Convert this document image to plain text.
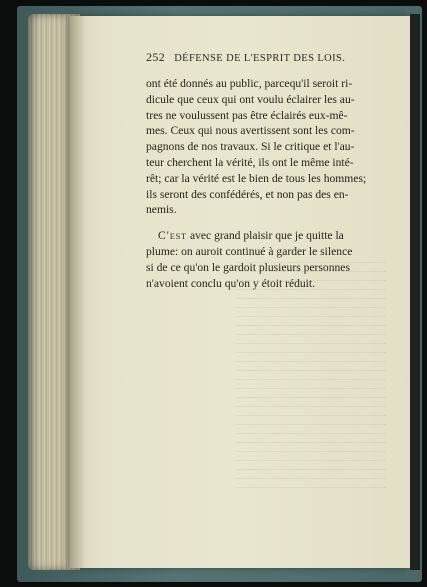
252 DÉFENSE DE L'ESPRIT DES LOIS.
ont été donnés au public, parcequ'il seroit ri-
dicule que ceux qui ont voulu éclairer les au-
tres ne voulussent pas être éclairés eux-mê-
mes. Ceux qui nous avertissent sont les com-
pagnons de nos travaux. Si le critique et l'au-
teur cherchent la vérité, ils ont le même inté-
rêt; car la vérité est le bien de tous les hommes;
ils seront des confédérés, et non pas des en-
nemis.
C'est avec grand plaisir que je quitte la
plume: on auroit continué à garder le silence
si de ce qu'on le gardoit plusieurs personnes
n'avoient conclu qu'on y étoit réduit.
